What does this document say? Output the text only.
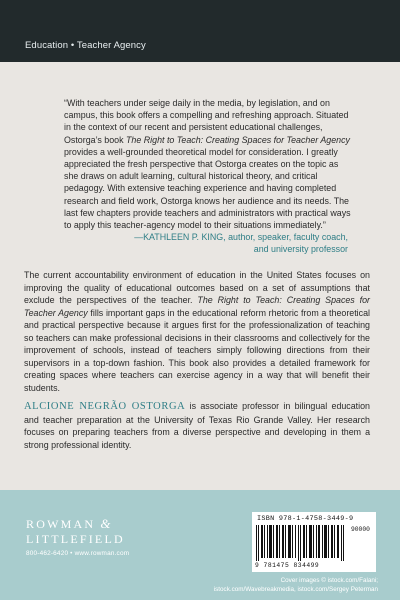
Education • Teacher Agency
“With teachers under seige daily in the media, by legislation, and on campus, this book offers a compelling and refreshing approach. Situated in the context of our recent and persistent educational challenges, Ostorga’s book The Right to Teach: Creating Spaces for Teacher Agency provides a well-grounded theoretical model for consideration. I greatly appreciated the fresh perspective that Ostorga creates on the topic as she draws on adult learning, cultural historical theory, and critical pedagogy. With extensive teaching experience and having completed research and field work, Ostorga knows her audience and its needs. The last few chapters provide teachers and administrators with practical ways to apply this teacher-agency model to their situations immediately.”
—KATHLEEN P. KING, author, speaker, faculty coach,
and university professor
The current accountability environment of education in the United States focuses on improving the quality of educational outcomes based on a set of assumptions that exclude the perspectives of the teacher. The Right to Teach: Creating Spaces for Teacher Agency fills important gaps in the educational reform rhetoric from a theoretical and practical perspective because it argues first for the professionalization of teaching so teachers can make professional decisions in their classrooms and collectively for the improvement of schools, instead of teachers simply following directions from their supervisors in a top-down fashion. This book also provides a detailed framework for creating spaces where teachers can exercise agency in a way that will benefit their students.
ALCIONE NEGRÃO OSTORGA is associate professor in bilingual education and teacher preparation at the University of Texas Rio Grande Valley. Her research focuses on preparing teachers from a diverse perspective and developing in them a strong professional identity.
ROWMAN &
LITTLEFIELD
800-462-6420 • www.rowman.com
ISBN 978-1-4758-3449-9
90000
9 781475 834499
Cover images © istock.com/Falani;
istock.com/Wavebreakmedia, istock.com/Sergey Peterman
